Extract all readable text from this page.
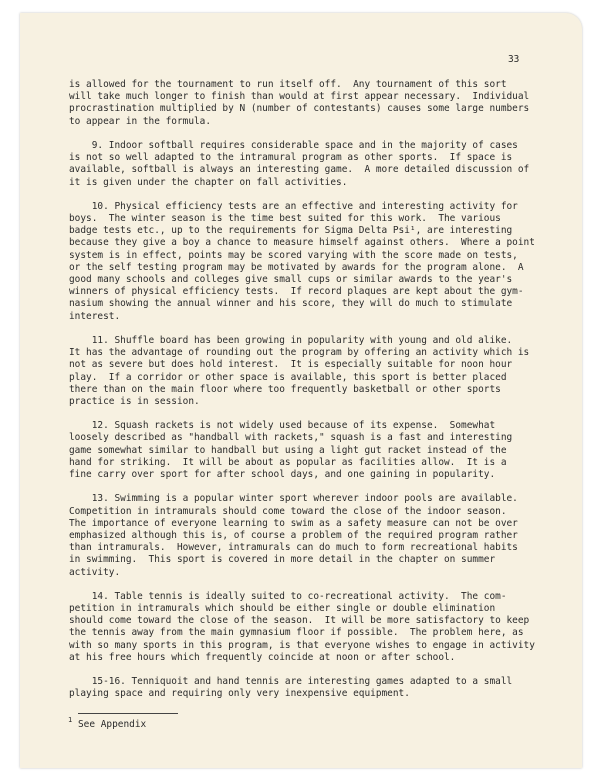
33
is allowed for the tournament to run itself off.  Any tournament of this sort
will take much longer to finish than would at first appear necessary.  Individual
procrastination multiplied by N (number of contestants) causes some large numbers
to appear in the formula.
9. Indoor softball requires considerable space and in the majority of cases
is not so well adapted to the intramural program as other sports.  If space is
available, softball is always an interesting game.  A more detailed discussion of
it is given under the chapter on fall activities.
10. Physical efficiency tests are an effective and interesting activity for
boys.  The winter season is the time best suited for this work.  The various
badge tests etc., up to the requirements for Sigma Delta Psi¹, are interesting
because they give a boy a chance to measure himself against others.  Where a point
system is in effect, points may be scored varying with the score made on tests,
or the self testing program may be motivated by awards for the program alone.  A
good many schools and colleges give small cups or similar awards to the year's
winners of physical efficiency tests.  If record plaques are kept about the gym-
nasium showing the annual winner and his score, they will do much to stimulate
interest.
11. Shuffle board has been growing in popularity with young and old alike.
It has the advantage of rounding out the program by offering an activity which is
not as severe but does hold interest.  It is especially suitable for noon hour
play.  If a corridor or other space is available, this sport is better placed
there than on the main floor where too frequently basketball or other sports
practice is in session.
12. Squash rackets is not widely used because of its expense.  Somewhat
loosely described as "handball with rackets," squash is a fast and interesting
game somewhat similar to handball but using a light gut racket instead of the
hand for striking.  It will be about as popular as facilities allow.  It is a
fine carry over sport for after school days, and one gaining in popularity.
13. Swimming is a popular winter sport wherever indoor pools are available.
Competition in intramurals should come toward the close of the indoor season.
The importance of everyone learning to swim as a safety measure can not be over
emphasized although this is, of course a problem of the required program rather
than intramurals.  However, intramurals can do much to form recreational habits
in swimming.  This sport is covered in more detail in the chapter on summer
activity.
14. Table tennis is ideally suited to co-recreational activity.  The com-
petition in intramurals which should be either single or double elimination
should come toward the close of the season.  It will be more satisfactory to keep
the tennis away from the main gymnasium floor if possible.  The problem here, as
with so many sports in this program, is that everyone wishes to engage in activity
at his free hours which frequently coincide at noon or after school.
15-16. Tenniquoit and hand tennis are interesting games adapted to a small
playing space and requiring only very inexpensive equipment.
1 See Appendix
